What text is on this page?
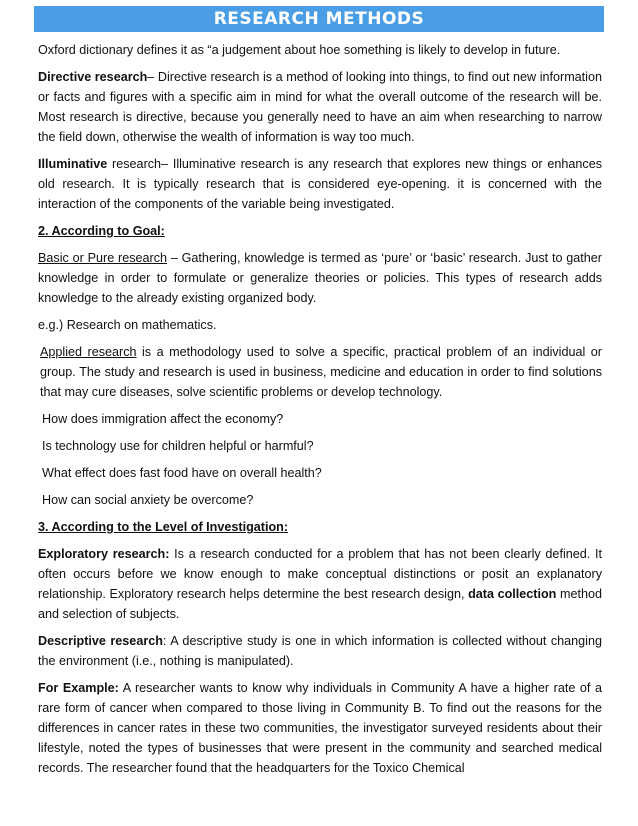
RESEARCH METHODS

Oxford dictionary defines it as “a judgement about hoe something is likely to develop in future.

Directive research– Directive research is a method of looking into things, to find out new information or facts and figures with a specific aim in mind for what the overall outcome of the research will be. Most research is directive, because you generally need to have an aim when researching to narrow the field down, otherwise the wealth of information is way too much.

Illuminative research– Illuminative research is any research that explores new things or enhances old research. It is typically research that is considered eye-opening. it is concerned with the interaction of the components of the variable being investigated.

2. According to Goal:

Basic or Pure research – Gathering, knowledge is termed as ‘pure’ or ‘basic’ research. Just to gather knowledge in order to formulate or generalize theories or policies. This types of research adds knowledge to the already existing organized body.

e.g.) Research on mathematics.

Applied research is a methodology used to solve a specific, practical problem of an individual or group. The study and research is used in business, medicine and education in order to find solutions that may cure diseases, solve scientific problems or develop technology.

How does immigration affect the economy?

Is technology use for children helpful or harmful?

What effect does fast food have on overall health?

How can social anxiety be overcome?

3. According to the Level of Investigation:

Exploratory research: Is a research conducted for a problem that has not been clearly defined. It often occurs before we know enough to make conceptual distinctions or posit an explanatory relationship. Exploratory research helps determine the best research design, data collection method and selection of subjects.

Descriptive research: A descriptive study is one in which information is collected without changing the environment (i.e., nothing is manipulated).

For Example: A researcher wants to know why individuals in Community A have a higher rate of a rare form of cancer when compared to those living in Community B. To find out the reasons for the differences in cancer rates in these two communities, the investigator surveyed residents about their lifestyle, noted the types of businesses that were present in the community and searched medical records. The researcher found that the headquarters for the Toxico Chemical
